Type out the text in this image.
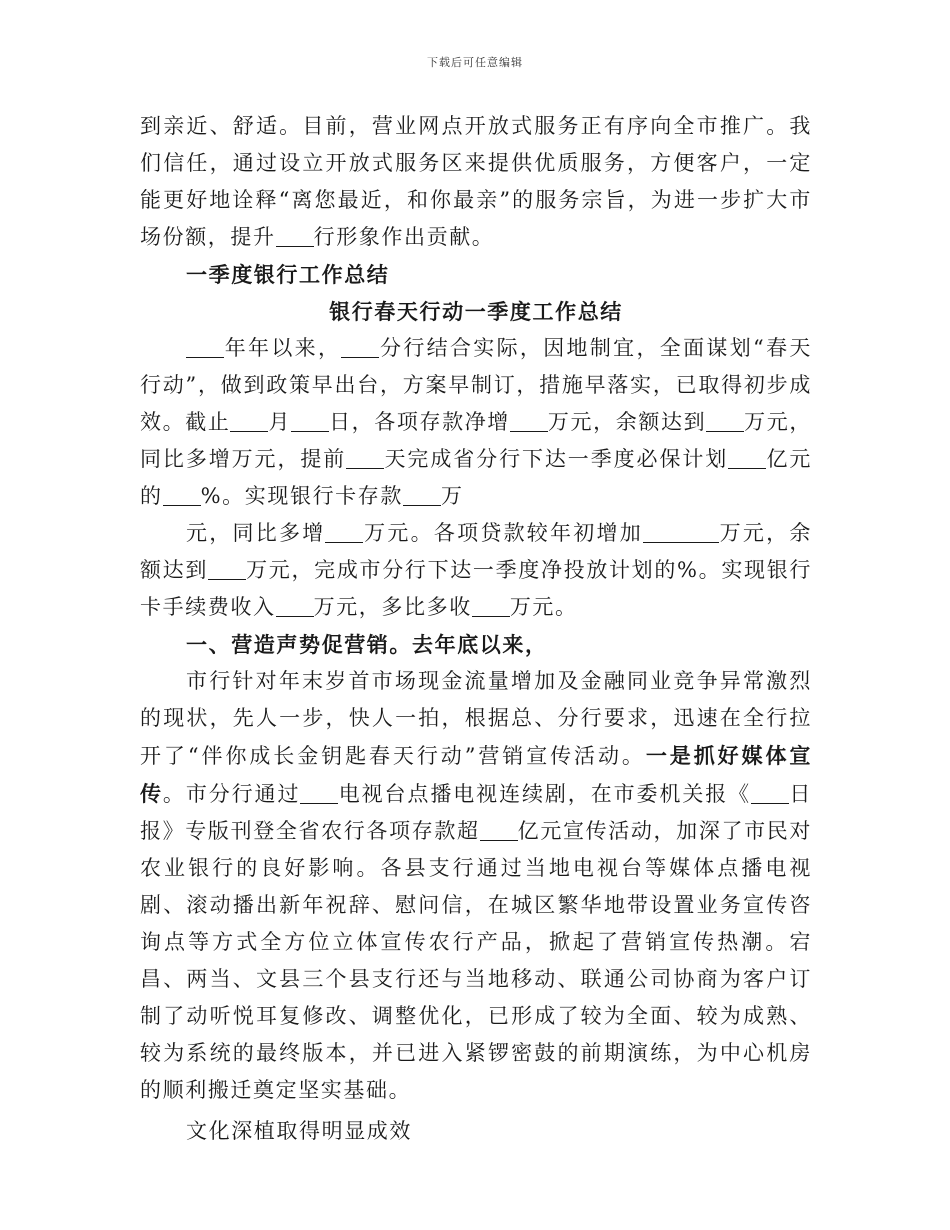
下载后可任意编辑

到亲近、舒适。目前，营业网点开放式服务正有序向全市推广。我们信任，通过设立开放式服务区来提供优质服务，方便客户，一定能更好地诠释“离您最近，和你最亲”的服务宗旨，为进一步扩大市场份额，提升 行形象作出贡献。

一季度银行工作总结

银行春天行动一季度工作总结

年年以来， 分行结合实际，因地制宜，全面谋划“春天行动”，做到政策早出台，方案早制订，措施早落实，已取得初步成效。截止 月 日，各项存款净增 万元，余额达到 万元，同比多增万元，提前 天完成省分行下达一季度必保计划 亿元的 %。实现银行卡存款 万

元，同比多增 万元。各项贷款较年初增加	万元，余额达到 万元，完成市分行下达一季度净投放计划的%。实现银行卡手续费收入 万元，多比多收 万元。

一、营造声势促营销。去年底以来，

市行针对年末岁首市场现金流量增加及金融同业竞争异常激烈的现状，先人一步，快人一拍，根据总、分行要求，迅速在全行拉开了“伴你成长金钥匙春天行动”营销宣传活动。一是抓好媒体宣传。市分行通过 电视台点播电视连续剧，在市委机关报《 日报》专版刊登全省农行各项存款超 亿元宣传活动，加深了市民对农业银行的良好影响。各县支行通过当地电视台等媒体点播电视剧、滚动播出新年祝辞、慰问信，在城区繁华地带设置业务宣传咨询点等方式全方位立体宣传农行产品，掀起了营销宣传热潮。宕昌、两当、文县三个县支行还与当地移动、联通公司协商为客户订制了动听悦耳复修改、调整优化，已形成了较为全面、较为成熟、较为系统的最终版本，并已进入紧锣密鼓的前期演练，为中心机房的顺利搬迁奠定坚实基础。

文化深植取得明显成效
